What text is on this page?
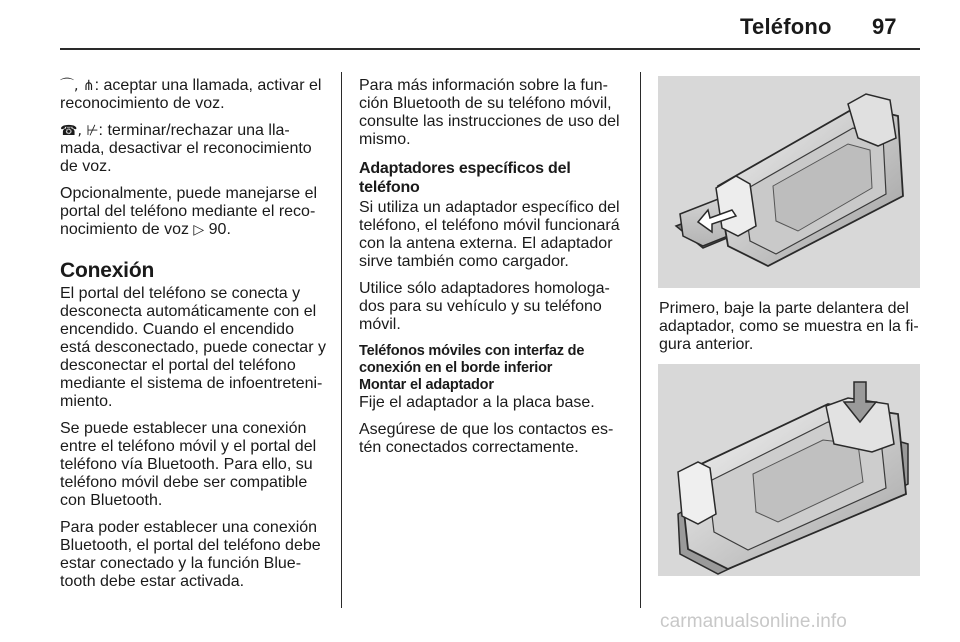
Teléfono 97

⌒, ⋔: aceptar una llamada, activar el reconocimiento de voz.

☎, ⊬: terminar/rechazar una lla-mada, desactivar el reconocimiento de voz.

Opcionalmente, puede manejarse el portal del teléfono mediante el reco-nocimiento de voz ▷ 90.

Conexión

El portal del teléfono se conecta y desconecta automáticamente con el encendido. Cuando el encendido está desconectado, puede conectar y desconectar el portal del teléfono mediante el sistema de infoentreteni-miento.

Se puede establecer una conexión entre el teléfono móvil y el portal del teléfono vía Bluetooth. Para ello, su teléfono móvil debe ser compatible con Bluetooth.

Para poder establecer una conexión Bluetooth, el portal del teléfono debe estar conectado y la función Blue-tooth debe estar activada.

Para más información sobre la fun-ción Bluetooth de su teléfono móvil, consulte las instrucciones de uso del mismo.

Adaptadores específicos del teléfono

Si utiliza un adaptador específico del teléfono, el teléfono móvil funcionará con la antena externa. El adaptador sirve también como cargador.

Utilice sólo adaptadores homologa-dos para su vehículo y su teléfono móvil.

Teléfonos móviles con interfaz de conexión en el borde inferior
Montar el adaptador

Fije el adaptador a la placa base.

Asegúrese de que los contactos es-tén conectados correctamente.

Primero, baje la parte delantera del adaptador, como se muestra en la fi-gura anterior.

carmanualsonline.info
